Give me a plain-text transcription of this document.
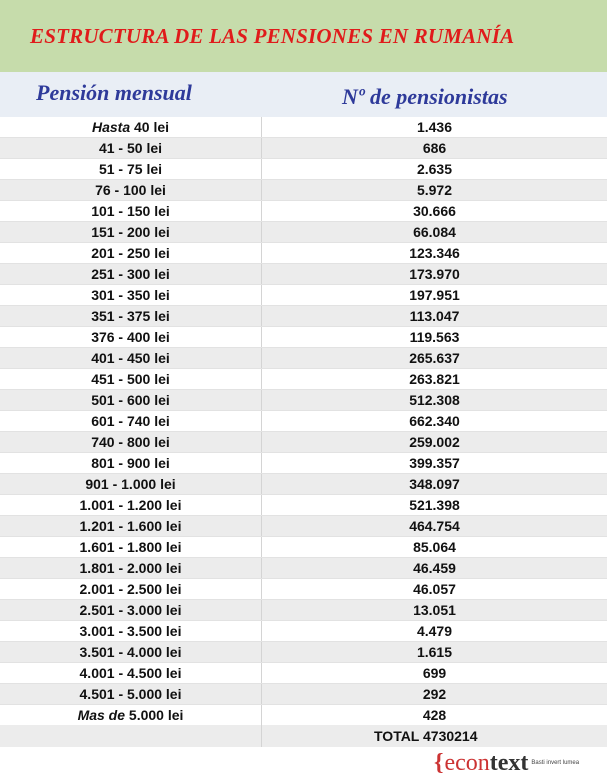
ESTRUCTURA DE LAS PENSIONES EN RUMANÍA
Pensión mensual	Nº de pensionistas
Hasta 40 lei	1.436
41 - 50 lei	686
51 - 75 lei	2.635
76 - 100 lei	5.972
101 - 150 lei	30.666
151 - 200 lei	66.084
201 - 250 lei	123.346
251 - 300 lei	173.970
301 - 350 lei	197.951
351 - 375 lei	113.047
376 - 400 lei	119.563
401 - 450 lei	265.637
451 - 500 lei	263.821
501 - 600 lei	512.308
601 - 740 lei	662.340
740 - 800 lei	259.002
801 - 900 lei	399.357
901 - 1.000 lei	348.097
1.001 - 1.200 lei	521.398
1.201 - 1.600 lei	464.754
1.601 - 1.800 lei	85.064
1.801 - 2.000 lei	46.459
2.001 - 2.500 lei	46.057
2.501 - 3.000 lei	13.051
3.001 - 3.500 lei	4.479
3.501 - 4.000 lei	1.615
4.001 - 4.500 lei	699
4.501 - 5.000 lei	292
Mas de 5.000 lei	428
TOTAL 4730214
{ econ text Basti invert lumea
